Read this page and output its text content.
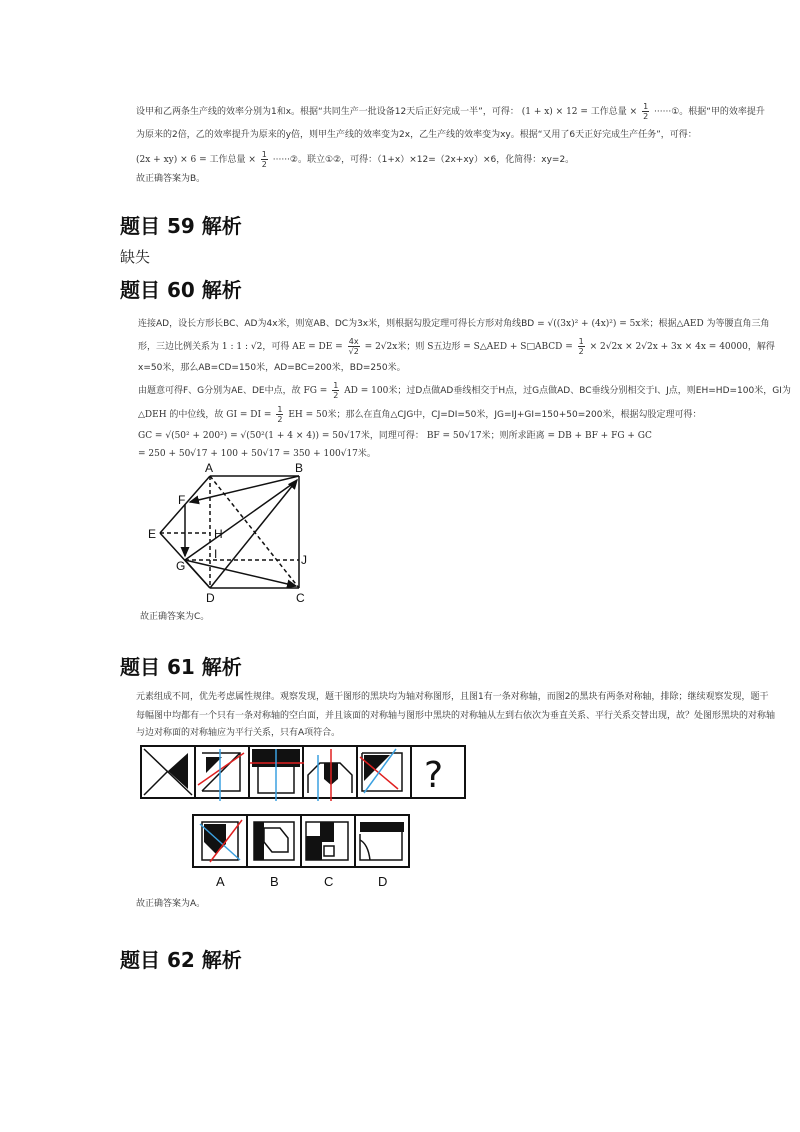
设甲和乙两条生产线的效率分别为1和x。根据“共同生产一批设备12天后正好完成一半”，可得： (1 + x) × 12 = 工作总量 × $\frac{1}{2}$ ······①。根据“甲的效率提升
为原来的2倍，乙的效率提升为原来的y倍，则甲生产线的效率变为2x，乙生产线的效率变为xy。根据“又用了6天正好完成生产任务”，可得：
(2x + xy) × 6 = 工作总量 × $\frac{1}{2}$ ······②。联立①②，可得：（1+x）×12=（2x+xy）×6，化简得：xy=2。
故正确答案为B。
题目 59 解析
缺失
题目 60 解析
连接AD，设长方形长BC、AD为4x米，则宽AB、DC为3x米，则根据勾股定理可得长方形对角线BD = √((3x)² + (4x)²) = 5x米；根据△AED 为等腰直角三角
形，三边比例关系为 1 : 1 : √2，可得 AE = DE = $\frac{4x}{√2} = 2√2x$米；则 S五边形 = S△AED + S□ABCD = $\frac{1}{2} \times 2√2x \times 2√2x + 3x \times 4x = 40000$，解得
x=50米，那么AB=CD=150米，AD=BC=200米，BD=250米。
由题意可得F、G分别为AE、DE中点，故 FG = $\frac{1}{2}$ AD = 100米；过D点做AD垂线相交于H点，过G点做AD、BC垂线分别相交于I、J点，则EH=HD=100米，GI为
△DEH 的中位线，故 GI = DI = $\frac{1}{2}$ EH = 50米；那么在直角△CJG中，CJ=DI=50米，JG=IJ+GI=150+50=200米，根据勾股定理可得：
GC = √(50² + 200²) = √(50²(1 + 4 × 4)) = 50√17米，同理可得： BF = 50√17米；则所求距离 = DB + BF + FG + GC
= 250 + 50√17 + 100 + 50√17 = 350 + 100√17米。
A	B
C
D
E
F
G
H
I	J
故正确答案为C。
题目 61 解析
元素组成不同，优先考虑属性规律。观察发现，题干图形的黑块均为轴对称图形，且图1有一条对称轴，而图2的黑块有两条对称轴，排除；继续观察发现，题干
每幅图中均都有一个只有一条对称轴的空白面，并且该面的对称轴与图形中黑块的对称轴从左到右依次为垂直关系、平行关系交替出现，故？处图形黑块的对称轴
与边对称面的对称轴应为平行关系，只有A项符合。
?
A	B	C	D
故正确答案为A。
题目 62 解析
